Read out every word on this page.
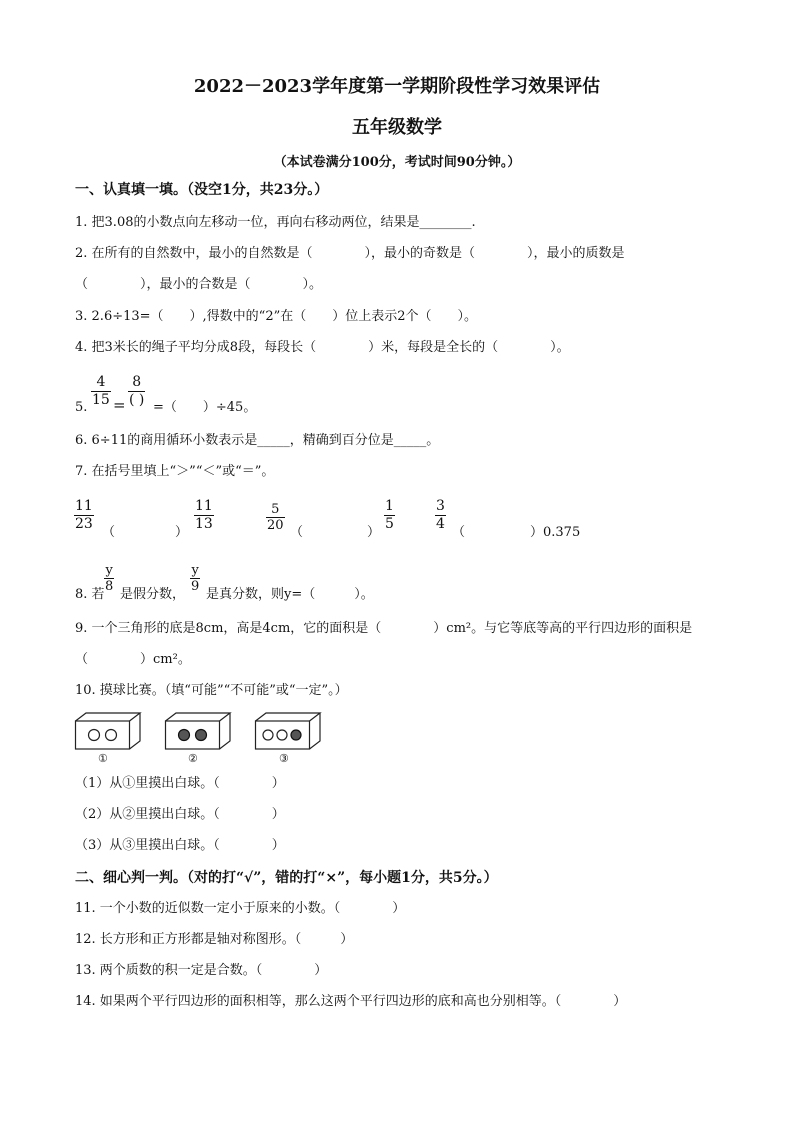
2022－2023学年度第一学期阶段性学习效果评估
五年级数学
（本试卷满分100分，考试时间90分钟。）
一、认真填一填。（没空1分，共23分。）
1. 把3.08的小数点向左移动一位，再向右移动两位，结果是________.
2. 在所有的自然数中，最小的自然数是（　　　　），最小的奇数是（　　　　），最小的质数是
（　　　　），最小的合数是（　　　　）。
3. 2.6÷13=（　　）,得数中的“2”在（　　）位上表示2个（　　）。
4. 把3米长的绳子平均分成8段，每段长（　　　　）米，每段是全长的（　　　　）。
5. $\frac{4}{15}$ =
8
( ) =（　　）÷45。
6. 6÷11的商用循环小数表示是_____，精确到百分位是_____。
7. 在括号里填上“＞”“＜”或“＝”。
$\frac{11}{23}$ （	） $\frac{11}{13}$	$\frac{5}{20}$ （	） $\frac{1}{5}$	$\frac{3}{4}$ （　　　　　）0.375
8. 若
$\frac{y}{8}$
是假分数，
$\frac{y}{9}$
是真分数，则y=（　　　）。
9. 一个三角形的底是8cm，高是4cm，它的面积是（　　　　）cm²。与它等底等高的平行四边形的面积是
（　　　　）cm²。
10. 摸球比赛。（填“可能”“不可能”或“一定”。）
①	②	③
（1）从①里摸出白球。（　　　　）
（2）从②里摸出白球。（　　　　）
（3）从③里摸出白球。（　　　　）
二、细心判一判。（对的打“√”，错的打“×”，每小题1分，共5分。）
11. 一个小数的近似数一定小于原来的小数。（　　　　）
12. 长方形和正方形都是轴对称图形。（　　　）
13. 两个质数的积一定是合数。（　　　　）
14. 如果两个平行四边形的面积相等，那么这两个平行四边形的底和高也分别相等。（　　　　）
